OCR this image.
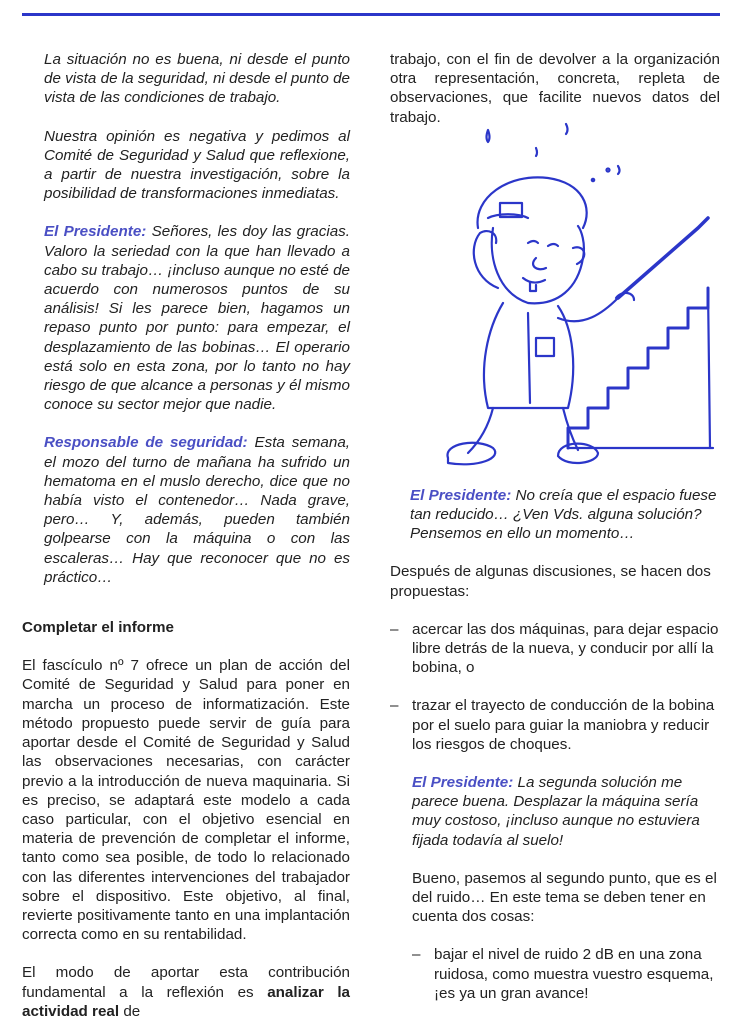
La situación no es buena, ni desde el punto de vista de la seguridad, ni desde el punto de vista de las condiciones de trabajo.

Nuestra opinión es negativa y pedimos al Comité de Seguridad y Salud que reflexione, a partir de nuestra investigación, sobre la posibilidad de transformaciones inmediatas.

El Presidente: Señores, les doy las gracias. Valoro la seriedad con la que han llevado a cabo su trabajo… ¡incluso aunque no esté de acuerdo con numerosos puntos de su análisis! Si les parece bien, hagamos un repaso punto por punto: para empezar, el desplazamiento de las bobinas… El operario está solo en esta zona, por lo tanto no hay riesgo de que alcance a personas y él mismo conoce su sector mejor que nadie.

Responsable de seguridad: Esta semana, el mozo del turno de mañana ha sufrido un hematoma en el muslo derecho, dice que no había visto el contenedor… Nada grave, pero… Y, además, pueden también golpearse con la máquina o con las escaleras… Hay que reconocer que no es práctico…

Completar el informe

El fascículo nº 7 ofrece un plan de acción del Comité de Seguridad y Salud para poner en marcha un proceso de informatización. Este método propuesto puede servir de guía para aportar desde el Comité de Seguridad y Salud las observaciones necesarias, con carácter previo a la introducción de nueva maquinaria. Si es preciso, se adaptará este modelo a cada caso particular, con el objetivo esencial en materia de prevención de completar el informe, tanto como sea posible, de todo lo relacionado con las diferentes intervenciones del trabajador sobre el dispositivo. Este objetivo, al final, revierte positivamente tanto en una implantación correcta como en su rentabilidad.

El modo de aportar esta contribución fundamental a la reflexión es analizar la actividad real de

trabajo, con el fin de devolver a la organización otra representación, concreta, repleta de observaciones, que facilite nuevos datos del trabajo.

El Presidente: No creía que el espacio fuese tan reducido… ¿Ven Vds. alguna solución? Pensemos en ello un momento…

Después de algunas discusiones, se hacen dos propuestas:

– acercar las dos máquinas, para dejar espacio libre detrás de la nueva, y conducir por allí la bobina, o

– trazar el trayecto de conducción de la bobina por el suelo para guiar la maniobra y reducir los riesgos de choques.

El Presidente: La segunda solución me parece buena. Desplazar la máquina sería muy costoso, ¡incluso aunque no estuviera fijada todavía al suelo!

Bueno, pasemos al segundo punto, que es el del ruido… En este tema se deben tener en cuenta dos cosas:

– bajar el nivel de ruido 2 dB en una zona ruidosa, como muestra vuestro esquema, ¡es ya un gran avance!
